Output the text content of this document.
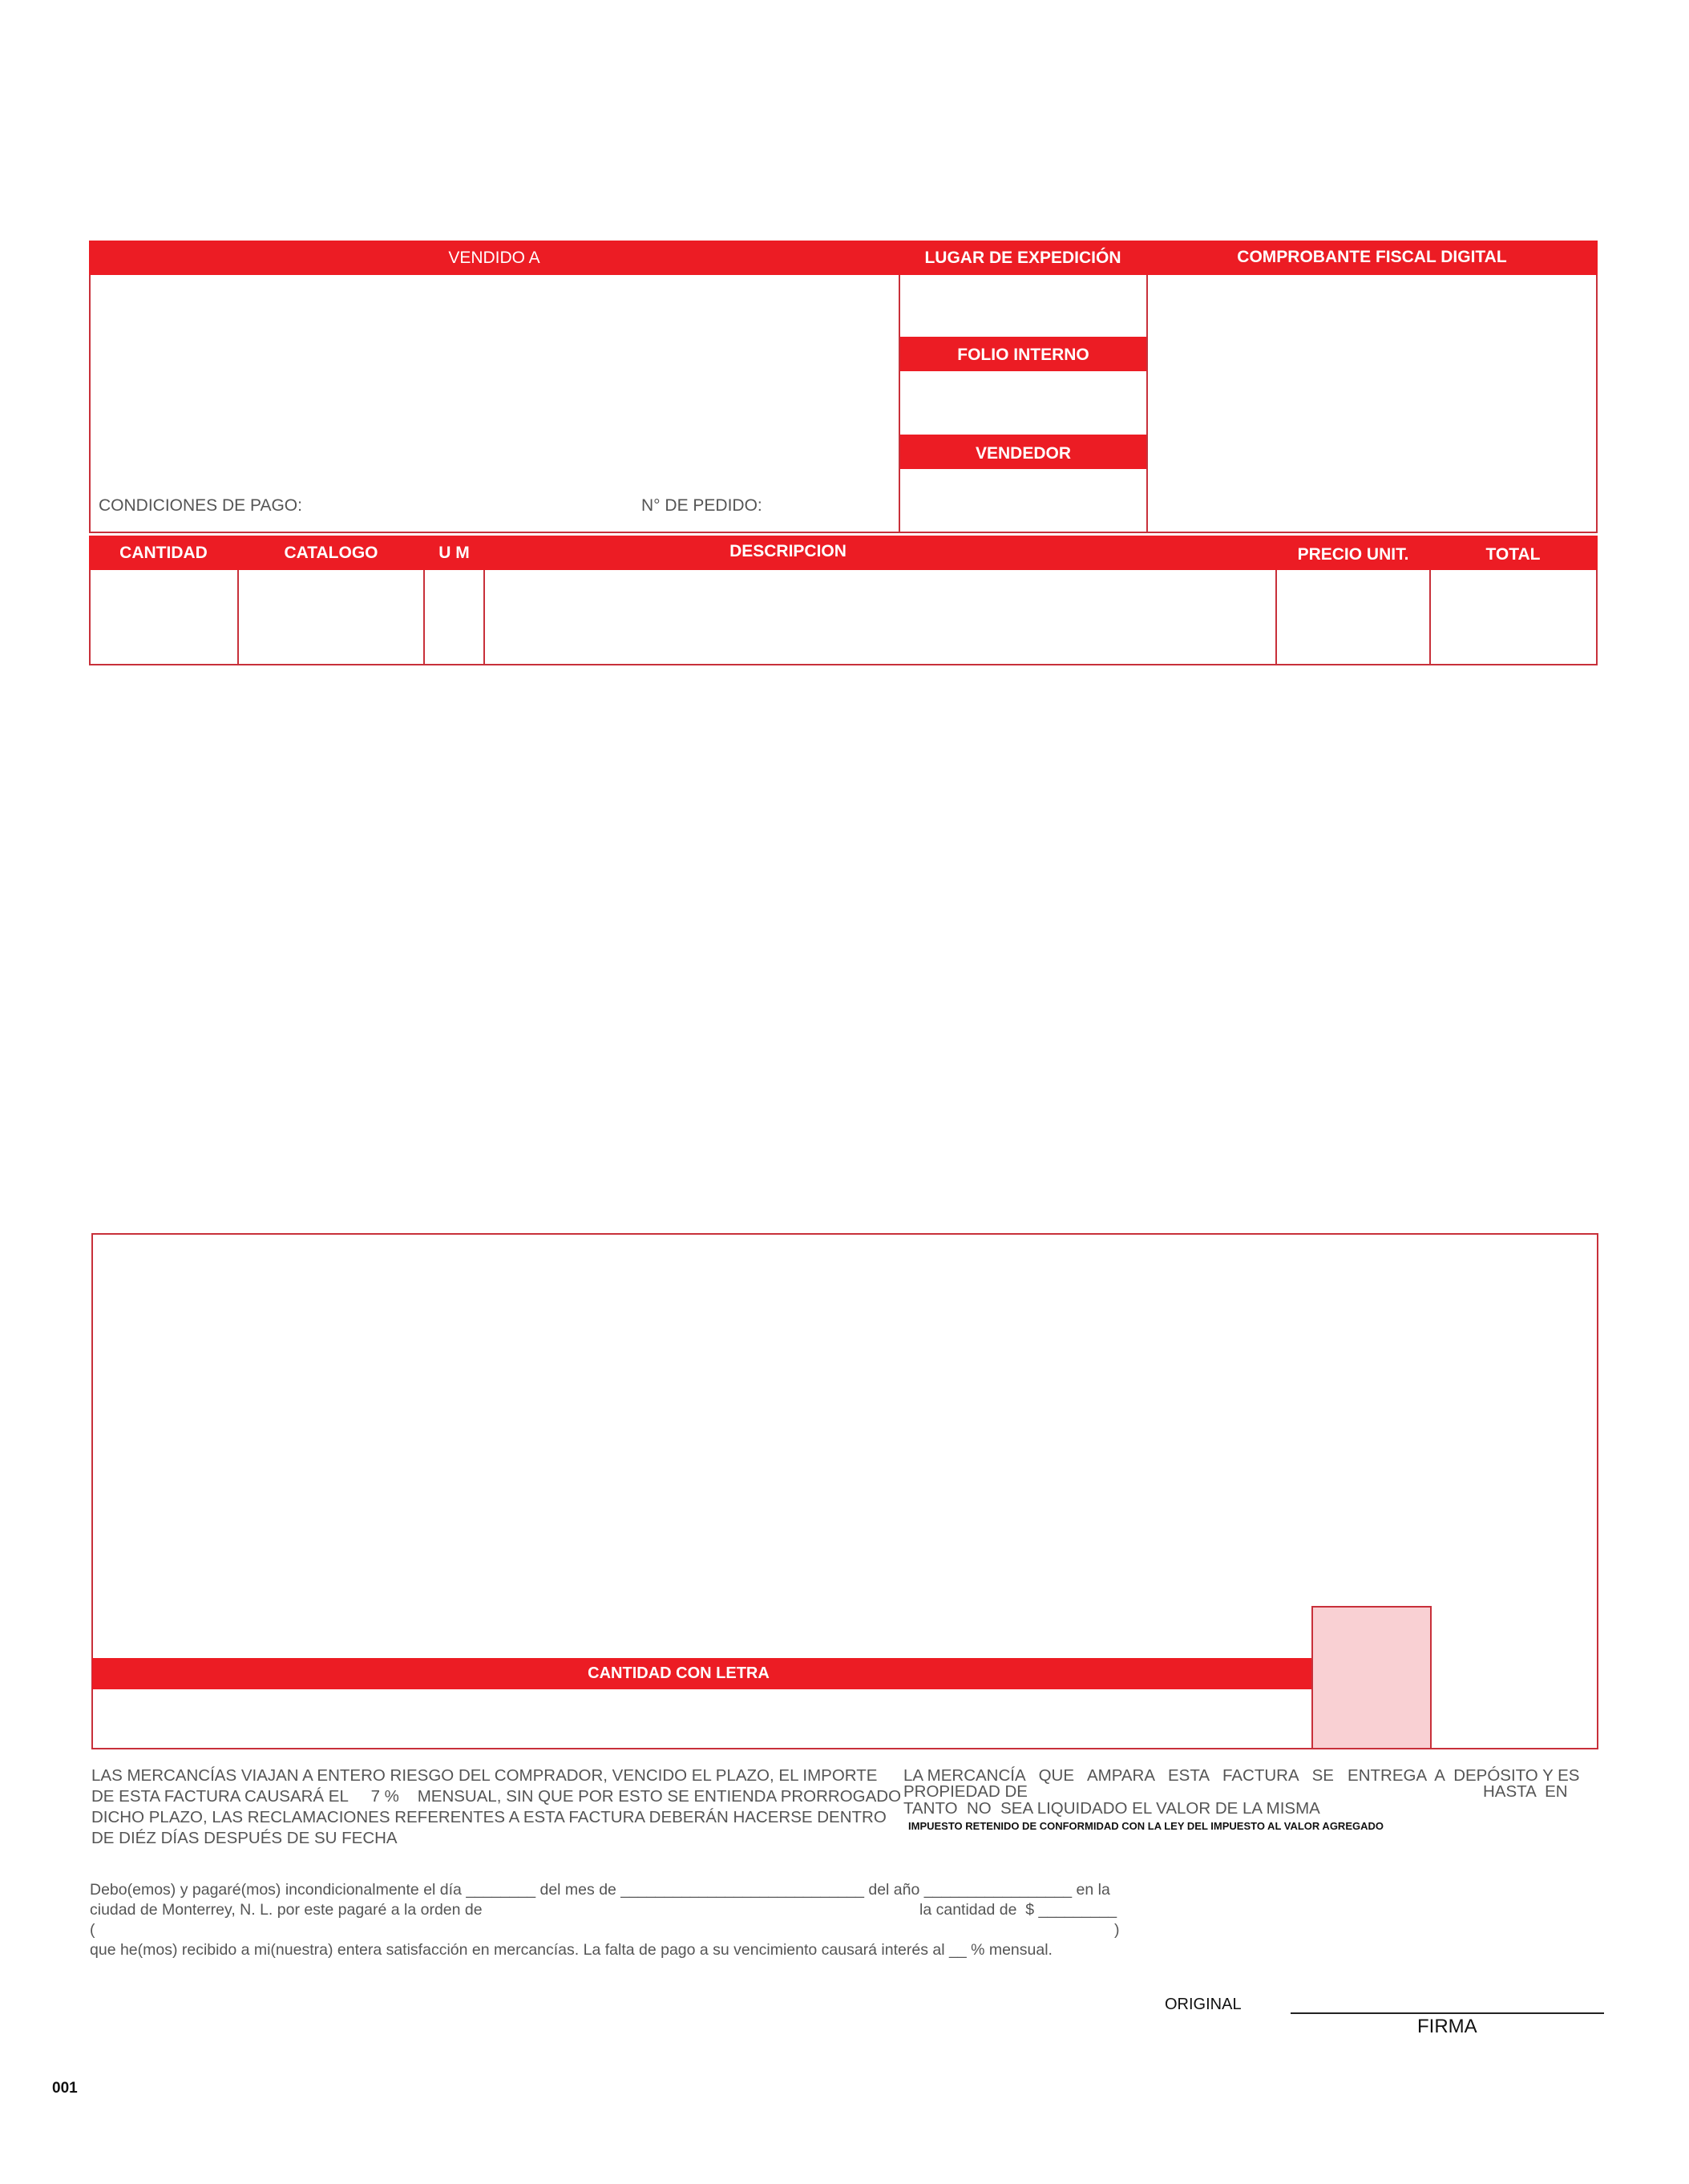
VENDIDO A	LUGAR DE EXPEDICIÓN	COMPROBANTE FISCAL DIGITAL
FOLIO INTERNO
VENDEDOR
CONDICIONES DE PAGO:	N° DE PEDIDO:
CANTIDAD	CATALOGO	U M	DESCRIPCION	PRECIO UNIT.	TOTAL
CANTIDAD CON LETRA
LAS MERCANCÍAS VIAJAN A ENTERO RIESGO DEL COMPRADOR, VENCIDO EL PLAZO, EL IMPORTE
DE ESTA FACTURA CAUSARÁ EL     7 %    MENSUAL, SIN QUE POR ESTO SE ENTIENDA PRORROGADO
DICHO PLAZO, LAS RECLAMACIONES REFERENTES A ESTA FACTURA DEBERÁN HACERSE DENTRO
DE DIÉZ DÍAS DESPUÉS DE SU FECHA
LA MERCANCÍA   QUE   AMPARA   ESTA   FACTURA   SE   ENTREGA  A  DEPÓSITO Y ES
PROPIEDAD DE	HASTA  EN
TANTO  NO  SEA LIQUIDADO EL VALOR DE LA MISMA
IMPUESTO RETENIDO DE CONFORMIDAD CON LA LEY DEL IMPUESTO AL VALOR AGREGADO
Debo(emos) y pagaré(mos) incondicionalmente el día ________ del mes de ____________________________ del año _________________ en la
ciudad de Monterrey, N. L. por este pagaré a la orden de	la cantidad de  $ _________
(	)
que he(mos) recibido a mi(nuestra) entera satisfacción en mercancías. La falta de pago a su vencimiento causará interés al __ % mensual.
ORIGINAL
FIRMA
001
